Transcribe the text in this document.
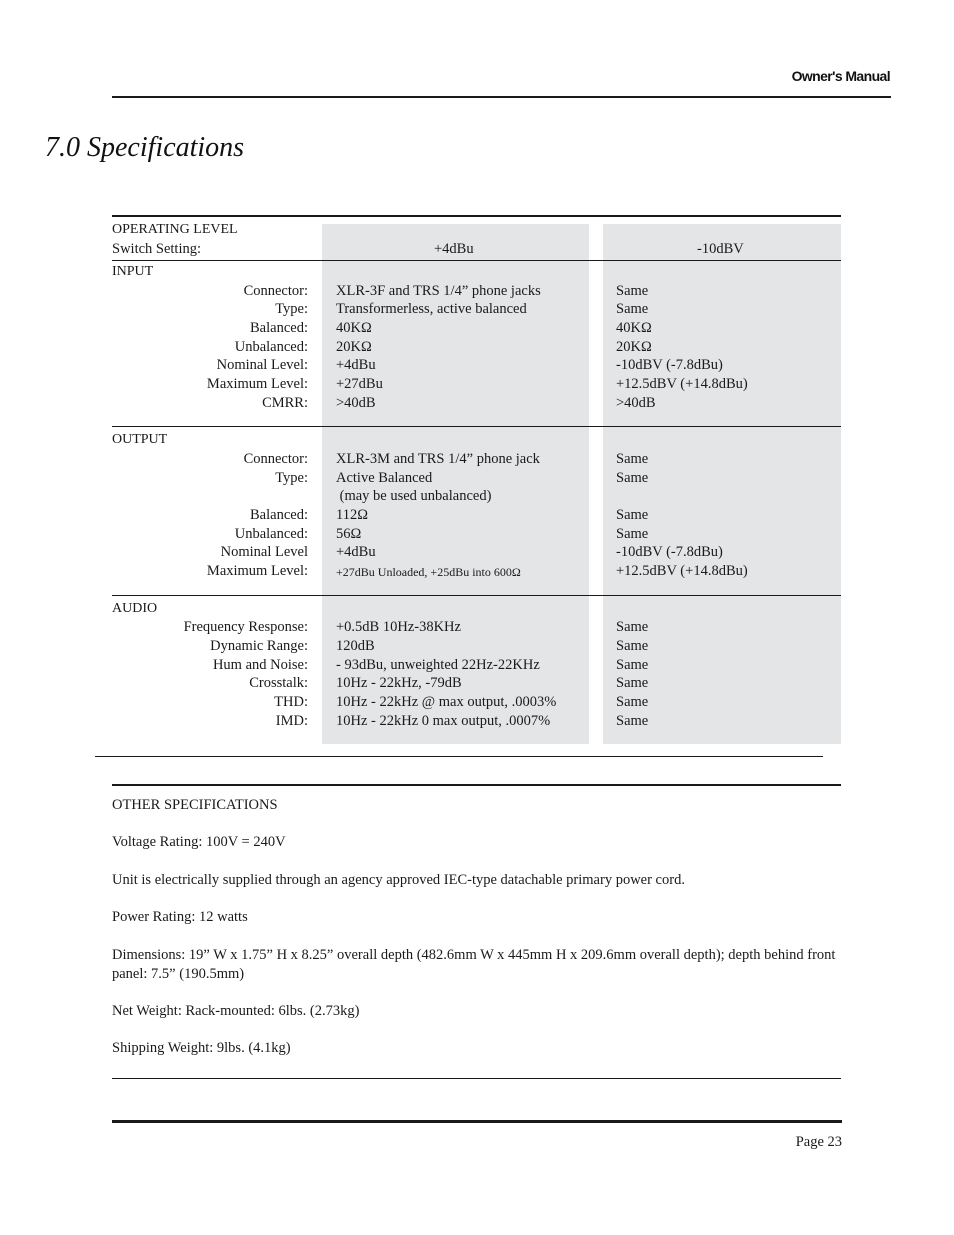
Owner's Manual
7.0 Specifications
OPERATING LEVEL
Switch Setting:	+4dBu	-10dBV
INPUT
Connector: XLR-3F and TRS 1/4” phone jacks	Same
Type: Transformerless, active balanced	Same
Balanced: 40KΩ	40KΩ
Unbalanced: 20KΩ	20KΩ
Nominal Level: +4dBu	-10dBV (-7.8dBu)
Maximum Level: +27dBu	+12.5dBV (+14.8dBu)
CMRR: >40dB	>40dB
OUTPUT
Connector: XLR-3M and TRS 1/4” phone jack	Same
Type: Active Balanced	Same
(may be used unbalanced)
Balanced: 112Ω	Same
Unbalanced: 56Ω	Same
Nominal Level +4dBu	-10dBV (-7.8dBu)
Maximum Level: +27dBu Unloaded, +25dBu into 600Ω	+12.5dBV (+14.8dBu)
AUDIO
Frequency Response: +0.5dB 10Hz-38KHz	Same
Dynamic Range: 120dB	Same
Hum and Noise: - 93dBu, unweighted 22Hz-22KHz	Same
Crosstalk: 10Hz - 22kHz, -79dB	Same
THD: 10Hz - 22kHz @ max output, .0003%	Same
IMD: 10Hz - 22kHz 0 max output, .0007%	Same
OTHER SPECIFICATIONS
Voltage Rating: 100V = 240V
Unit is electrically supplied through an agency approved IEC-type datachable primary power cord.
Power Rating: 12 watts
Dimensions: 19” W x 1.75” H x 8.25” overall depth (482.6mm W x 445mm H x 209.6mm overall depth); depth behind front panel: 7.5” (190.5mm)
Net Weight: Rack-mounted: 6lbs. (2.73kg)
Shipping Weight: 9lbs. (4.1kg)
Page 23
